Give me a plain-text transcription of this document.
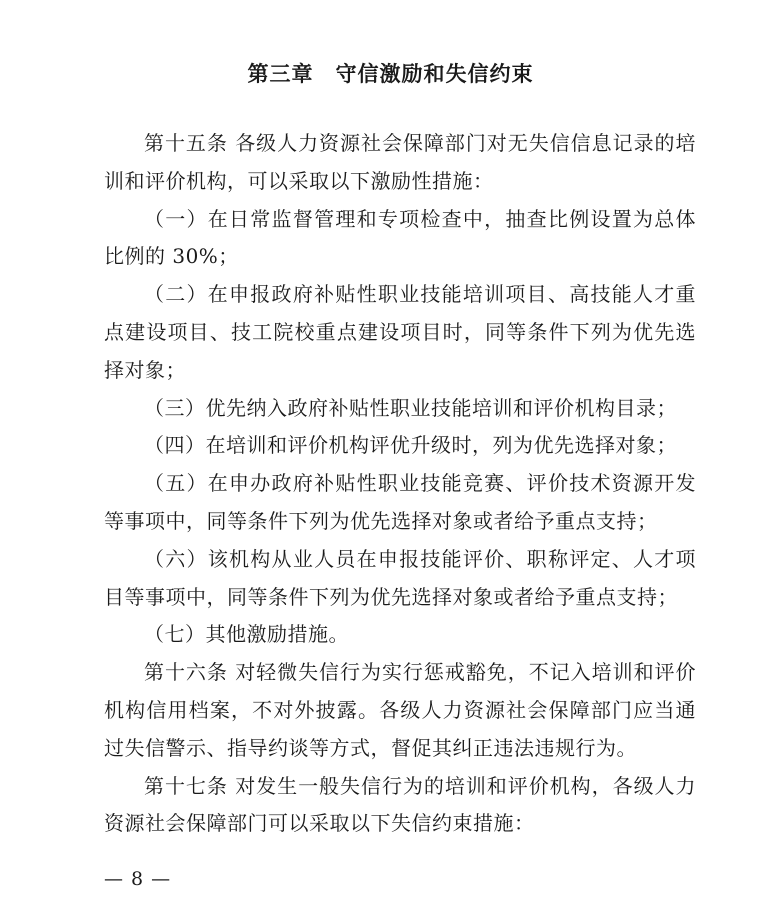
第三章　守信激励和失信约束

第十五条 各级人力资源社会保障部门对无失信信息记录的培训和评价机构，可以采取以下激励性措施：

（一）在日常监督管理和专项检查中，抽查比例设置为总体比例的 30%；

（二）在申报政府补贴性职业技能培训项目、高技能人才重点建设项目、技工院校重点建设项目时，同等条件下列为优先选择对象；

（三）优先纳入政府补贴性职业技能培训和评价机构目录；

（四）在培训和评价机构评优升级时，列为优先选择对象；

（五）在申办政府补贴性职业技能竞赛、评价技术资源开发等事项中，同等条件下列为优先选择对象或者给予重点支持；

（六）该机构从业人员在申报技能评价、职称评定、人才项目等事项中，同等条件下列为优先选择对象或者给予重点支持；

（七）其他激励措施。

第十六条 对轻微失信行为实行惩戒豁免，不记入培训和评价机构信用档案，不对外披露。各级人力资源社会保障部门应当通过失信警示、指导约谈等方式，督促其纠正违法违规行为。

第十七条 对发生一般失信行为的培训和评价机构，各级人力资源社会保障部门可以采取以下失信约束措施：

— 8 —
